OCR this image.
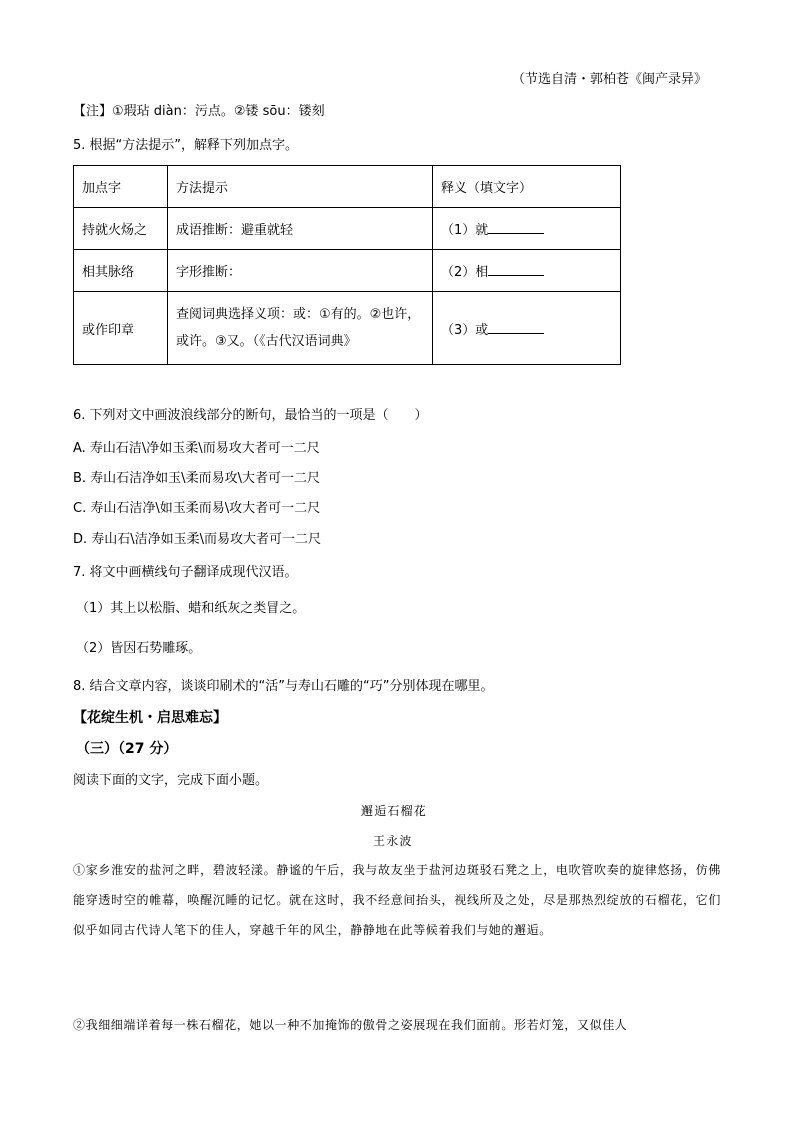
（节选自清・郭柏苍《闽产录异》
【注】①瑕玷 diàn：污点。②镂 sōu：镂刻
5. 根据“方法提示”，解释下列加点字。
加点字	方法提示	释义（填文字）
持就火炀之	成语推断：避重就轻	（1）就
相其脉络	字形推断：	（2）相
或作印章	查阅词典选择义项：或：①有的。②也许，或许。③又。（《古代汉语词典》	（3）或
6. 下列对文中画波浪线部分的断句，最恰当的一项是（　　）
A. 寿山石洁\净如玉柔\而易攻大者可一二尺
B. 寿山石洁净如玉\柔而易攻\大者可一二尺
C. 寿山石洁净\如玉柔而易\攻大者可一二尺
D. 寿山石\洁净如玉柔\而易攻大者可一二尺
7. 将文中画横线句子翻译成现代汉语。
（1）其上以松脂、蜡和纸灰之类冒之。
（2）皆因石势雕琢。
8. 结合文章内容，谈谈印刷术的“活”与寿山石雕的“巧”分别体现在哪里。
【花绽生机・启思难忘】
（三）（27 分）
阅读下面的文字，完成下面小题。
邂逅石榴花
王永波
①家乡淮安的盐河之畔，碧波轻漾。静谧的午后，我与故友坐于盐河边斑驳石凳之上，电吹管吹奏的旋律悠扬，仿佛能穿透时空的帷幕，唤醒沉睡的记忆。就在这时，我不经意间抬头，视线所及之处，尽是那热烈绽放的石榴花，它们似乎如同古代诗人笔下的佳人，穿越千年的风尘，静静地在此等候着我们与她的邂逅。
②我细细端详着每一株石榴花，她以一种不加掩饰的傲骨之姿展现在我们面前。形若灯笼，又似佳人
